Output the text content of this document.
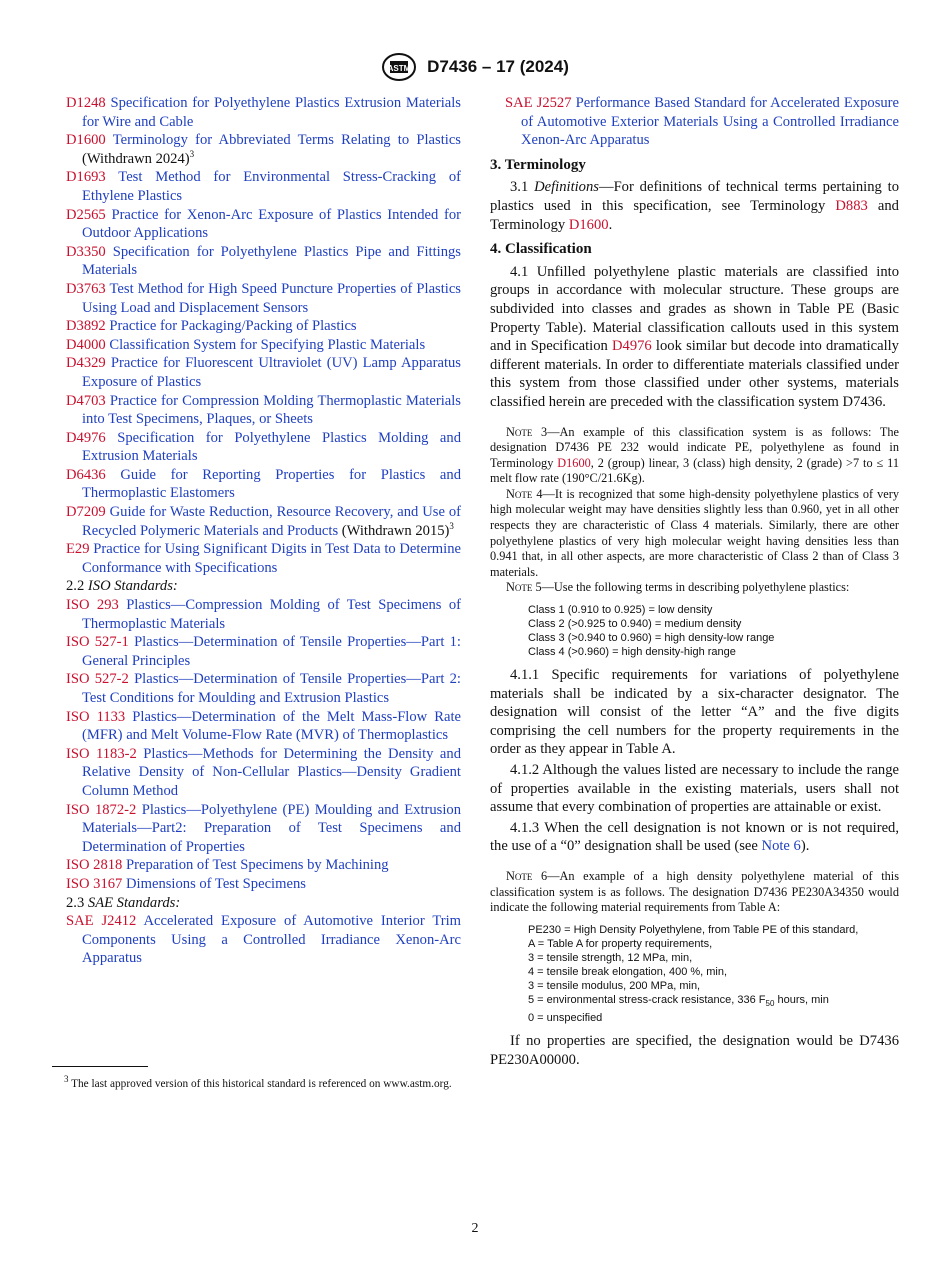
ASTM D7436 – 17 (2024)

D1248 Specification for Polyethylene Plastics Extrusion Materials for Wire and Cable

D1600 Terminology for Abbreviated Terms Relating to Plastics (Withdrawn 2024)$^3$

D1693 Test Method for Environmental Stress-Cracking of Ethylene Plastics

D2565 Practice for Xenon-Arc Exposure of Plastics Intended for Outdoor Applications

D3350 Specification for Polyethylene Plastics Pipe and Fittings Materials

D3763 Test Method for High Speed Puncture Properties of Plastics Using Load and Displacement Sensors

D3892 Practice for Packaging/Packing of Plastics

D4000 Classification System for Specifying Plastic Materials

D4329 Practice for Fluorescent Ultraviolet (UV) Lamp Apparatus Exposure of Plastics

D4703 Practice for Compression Molding Thermoplastic Materials into Test Specimens, Plaques, or Sheets

D4976 Specification for Polyethylene Plastics Molding and Extrusion Materials

D6436 Guide for Reporting Properties for Plastics and Thermoplastic Elastomers

D7209 Guide for Waste Reduction, Resource Recovery, and Use of Recycled Polymeric Materials and Products (Withdrawn 2015)$^3$

E29 Practice for Using Significant Digits in Test Data to Determine Conformance with Specifications

2.2 ISO Standards:

ISO 293 Plastics—Compression Molding of Test Specimens of Thermoplastic Materials

ISO 527-1 Plastics—Determination of Tensile Properties—Part 1: General Principles

ISO 527-2 Plastics—Determination of Tensile Properties—Part 2: Test Conditions for Moulding and Extrusion Plastics

ISO 1133 Plastics—Determination of the Melt Mass-Flow Rate (MFR) and Melt Volume-Flow Rate (MVR) of Thermoplastics

ISO 1183-2 Plastics—Methods for Determining the Density and Relative Density of Non-Cellular Plastics—Density Gradient Column Method

ISO 1872-2 Plastics—Polyethylene (PE) Moulding and Extrusion Materials—Part2: Preparation of Test Specimens and Determination of Properties

ISO 2818 Preparation of Test Specimens by Machining

ISO 3167 Dimensions of Test Specimens

2.3 SAE Standards:

SAE J2412 Accelerated Exposure of Automotive Interior Trim Components Using a Controlled Irradiance Xenon-Arc Apparatus

$^3$ The last approved version of this historical standard is referenced on www.astm.org.

SAE J2527 Performance Based Standard for Accelerated Exposure of Automotive Exterior Materials Using a Controlled Irradiance Xenon-Arc Apparatus

3. Terminology

3.1 Definitions—For definitions of technical terms pertaining to plastics used in this specification, see Terminology D883 and Terminology D1600.

4. Classification

4.1 Unfilled polyethylene plastic materials are classified into groups in accordance with molecular structure. These groups are subdivided into classes and grades as shown in Table PE (Basic Property Table). Material classification callouts used in this system and in Specification D4976 look similar but decode into dramatically different materials. In order to differentiate materials classified under this system from those classified under other systems, materials classified herein are preceded with the classification system D7436.

Note 3—An example of this classification system is as follows: The designation D7436 PE 232 would indicate PE, polyethylene as found in Terminology D1600, 2 (group) linear, 3 (class) high density, 2 (grade) >7 to ≤ 11 melt flow rate (190°C/21.6Kg).

Note 4—It is recognized that some high-density polyethylene plastics of very high molecular weight may have densities slightly less than 0.960, yet in all other respects they are characteristic of Class 4 materials. Similarly, there are other polyethylene plastics of very high molecular weight having densities less than 0.941 that, in all other aspects, are more characteristic of Class 2 than of Class 3 materials.

Note 5—Use the following terms in describing polyethylene plastics:

Class 1 (0.910 to 0.925) = low density

Class 2 (>0.925 to 0.940) = medium density

Class 3 (>0.940 to 0.960) = high density-low range

Class 4 (>0.960) = high density-high range

4.1.1 Specific requirements for variations of polyethylene materials shall be indicated by a six-character designator. The designation will consist of the letter “A” and the five digits comprising the cell numbers for the property requirements in the order as they appear in Table A.

4.1.2 Although the values listed are necessary to include the range of properties available in the existing materials, users shall not assume that every combination of properties are attainable or exist.

4.1.3 When the cell designation is not known or is not required, the use of a “0” designation shall be used (see Note 6).

Note 6—An example of a high density polyethylene material of this classification system is as follows. The designation D7436 PE230A34350 would indicate the following material requirements from Table A:

PE230 = High Density Polyethylene, from Table PE of this standard,

A = Table A for property requirements,

3 = tensile strength, 12 MPa, min,

4 = tensile break elongation, 400 %, min,

3 = tensile modulus, 200 MPa, min,

5 = environmental stress-crack resistance, 336 $F_{50}$ hours, min

0 = unspecified

If no properties are specified, the designation would be D7436 PE230A00000.

2
